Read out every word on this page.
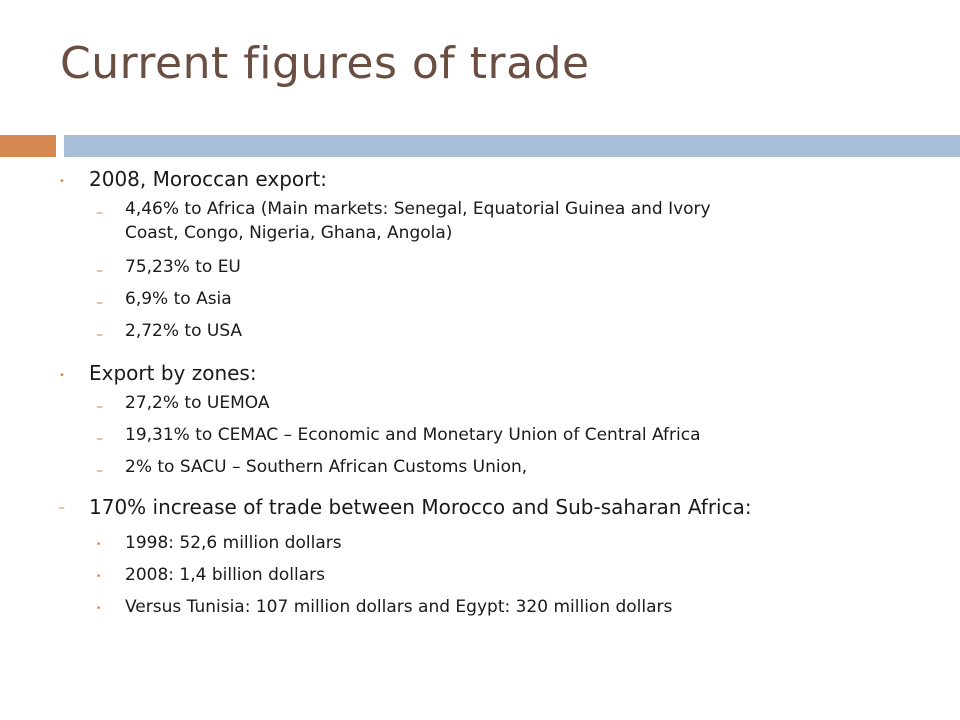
Current figures of trade
• 2008, Moroccan export:
– 4,46% to Africa (Main markets: Senegal, Equatorial Guinea and Ivory
Coast, Congo, Nigeria, Ghana, Angola)
– 75,23% to EU
– 6,9% to Asia
– 2,72% to USA
• Export by zones:
– 27,2% to UEMOA
– 19,31% to CEMAC – Economic and Monetary Union of Central Africa
– 2% to SACU – Southern African Customs Union,
– 170% increase of trade between Morocco and Sub-saharan Africa:
• 1998: 52,6 million dollars
• 2008: 1,4 billion dollars
• Versus Tunisia: 107 million dollars and Egypt: 320 million dollars
